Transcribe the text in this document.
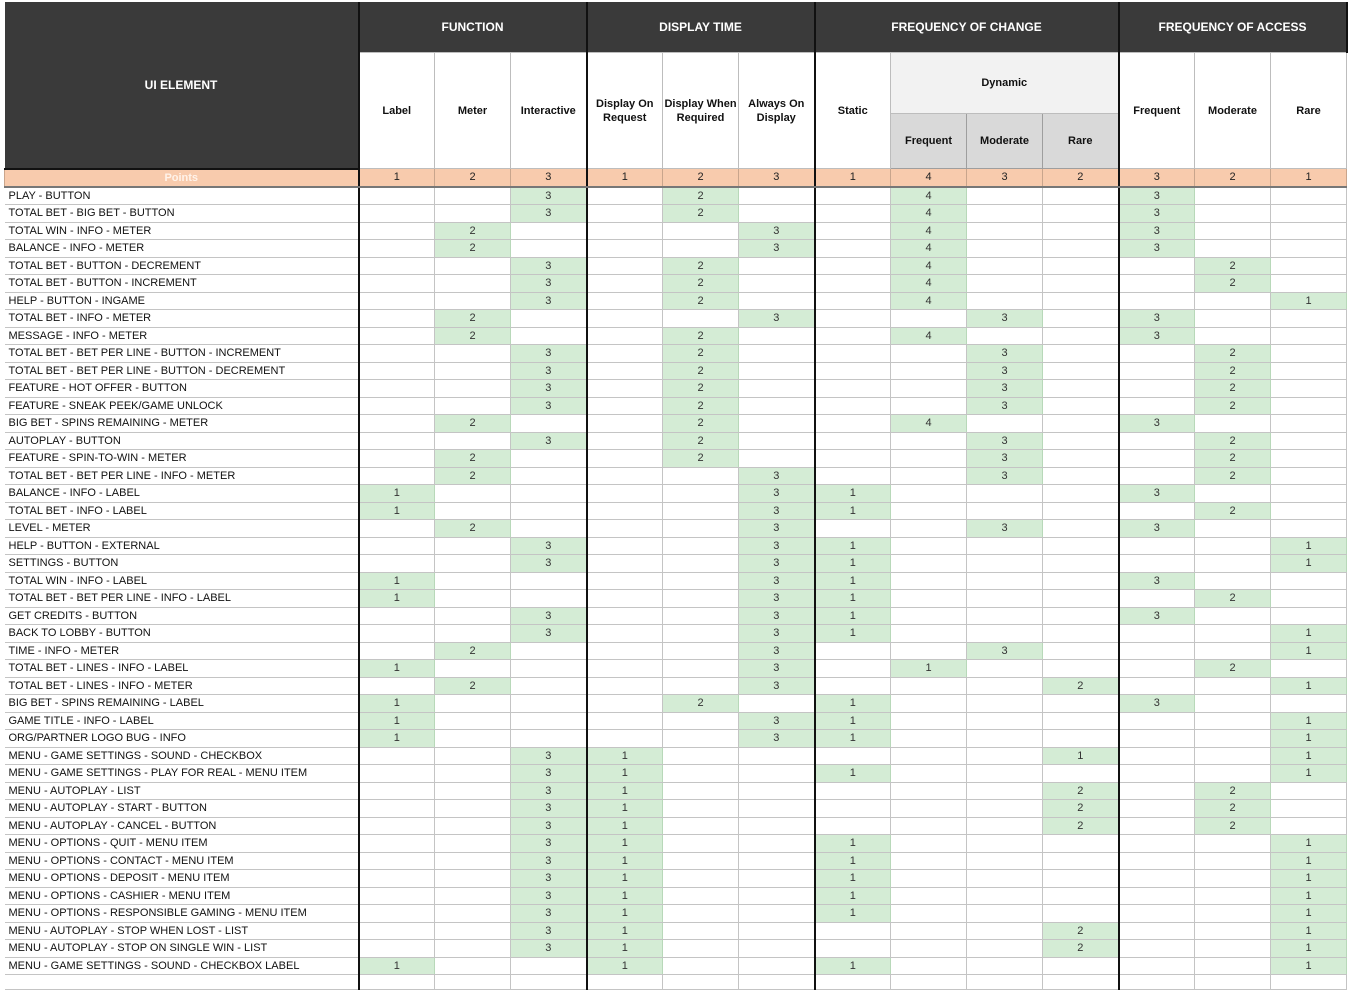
UI ELEMENT	FUNCTION			DISPLAY TIME			FREQUENCY OF CHANGE				FREQUENCY OF ACCESS		
	Label	Meter	Interactive	Display On Request	Display When Required	Always On Display	Static	Dynamic			Frequent	Moderate	Rare
								Frequent	Moderate	Rare			
Points	1	2	3	1	2	3	1	4	3	2	3	2	1
PLAY - BUTTON			3		2			4			3		
TOTAL BET - BIG BET - BUTTON			3		2			4			3		
TOTAL WIN - INFO - METER		2				3		4			3		
BALANCE - INFO - METER		2				3		4			3		
TOTAL BET - BUTTON - DECREMENT			3		2			4				2	
TOTAL BET - BUTTON - INCREMENT			3		2			4				2	
HELP - BUTTON - INGAME			3		2			4					1
TOTAL BET - INFO - METER		2				3			3		3		
MESSAGE - INFO - METER		2			2			4			3		
TOTAL BET - BET PER LINE - BUTTON - INCREMENT			3		2				3			2	
TOTAL BET - BET PER LINE - BUTTON - DECREMENT			3		2				3			2	
FEATURE - HOT OFFER - BUTTON			3		2				3			2	
FEATURE - SNEAK PEEK/GAME UNLOCK			3		2				3			2	
BIG BET - SPINS REMAINING - METER		2			2			4			3		
AUTOPLAY - BUTTON			3		2				3			2	
FEATURE - SPIN-TO-WIN - METER		2			2				3			2	
TOTAL BET - BET PER LINE - INFO - METER		2				3			3			2	
BALANCE - INFO - LABEL	1					3	1				3		
TOTAL BET - INFO - LABEL	1					3	1					2	
LEVEL - METER		2				3			3		3		
HELP - BUTTON - EXTERNAL			3			3	1						1
SETTINGS - BUTTON			3			3	1						1
TOTAL WIN - INFO - LABEL	1					3	1				3		
TOTAL BET - BET PER LINE - INFO - LABEL	1					3	1					2	
GET CREDITS - BUTTON			3			3	1				3		
BACK TO LOBBY - BUTTON			3			3	1						1
TIME - INFO - METER		2				3			3				1
TOTAL BET - LINES - INFO - LABEL	1					3		1				2	
TOTAL BET - LINES - INFO - METER		2				3				2			1
BIG BET - SPINS REMAINING - LABEL	1				2		1				3		
GAME TITLE - INFO - LABEL	1					3	1						1
ORG/PARTNER LOGO BUG - INFO	1					3	1						1
MENU - GAME SETTINGS - SOUND - CHECKBOX			3	1						1			1
MENU - GAME SETTINGS - PLAY FOR REAL - MENU ITEM			3	1			1						1
MENU - AUTOPLAY - LIST			3	1						2		2	
MENU - AUTOPLAY - START - BUTTON			3	1						2		2	
MENU - AUTOPLAY - CANCEL - BUTTON			3	1						2		2	
MENU - OPTIONS - QUIT - MENU ITEM			3	1			1						1
MENU - OPTIONS - CONTACT - MENU ITEM			3	1			1						1
MENU - OPTIONS - DEPOSIT - MENU ITEM			3	1			1						1
MENU - OPTIONS - CASHIER - MENU ITEM			3	1			1						1
MENU - OPTIONS - RESPONSIBLE GAMING - MENU ITEM			3	1			1						1
MENU - AUTOPLAY - STOP WHEN LOST - LIST			3	1						2			1
MENU - AUTOPLAY - STOP ON SINGLE WIN - LIST			3	1						2			1
MENU - GAME SETTINGS - SOUND - CHECKBOX LABEL	1			1			1						1
